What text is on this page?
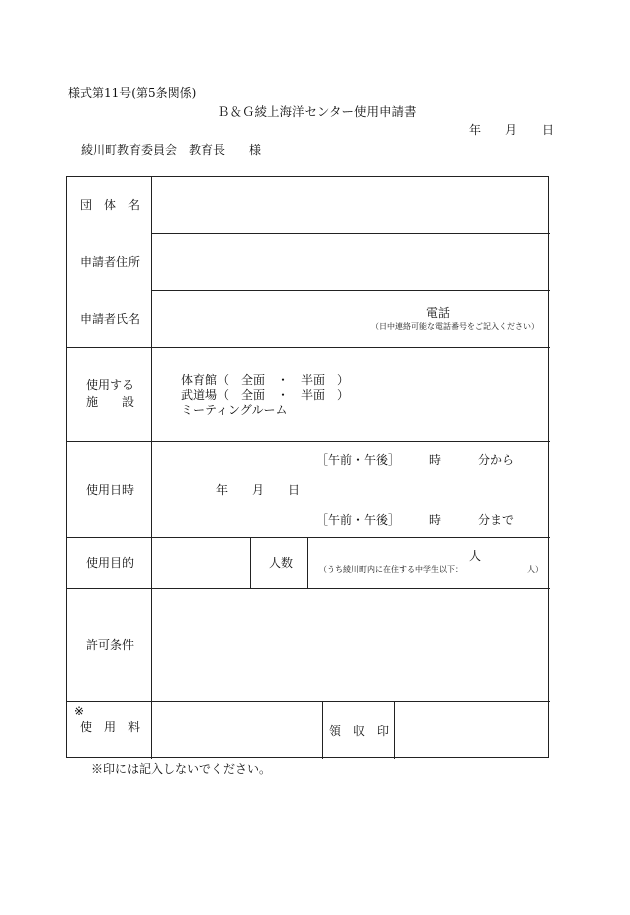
様式第11号(第5条関係)
Ｂ＆Ｇ綾上海洋センター使用申請書
年 月 日
綾川町教育委員会　教育長　　様
団　体　名
申請者住所
申請者氏名	電話
（日中連絡可能な電話番号をご記入ください）
使用する
施　　設
体育館（　全面　・　半面　）
武道場（　全面　・　半面　）
ミーティングルーム
使用日時
［午前・午後］ 時	分から
年 月 日
［午前・午後］ 時	分まで
使用目的	人数	人
（うち綾川町内に在住する中学生以下：	人）
許可条件
※
使　用　料	領　収　印
※印には記入しないでください。
